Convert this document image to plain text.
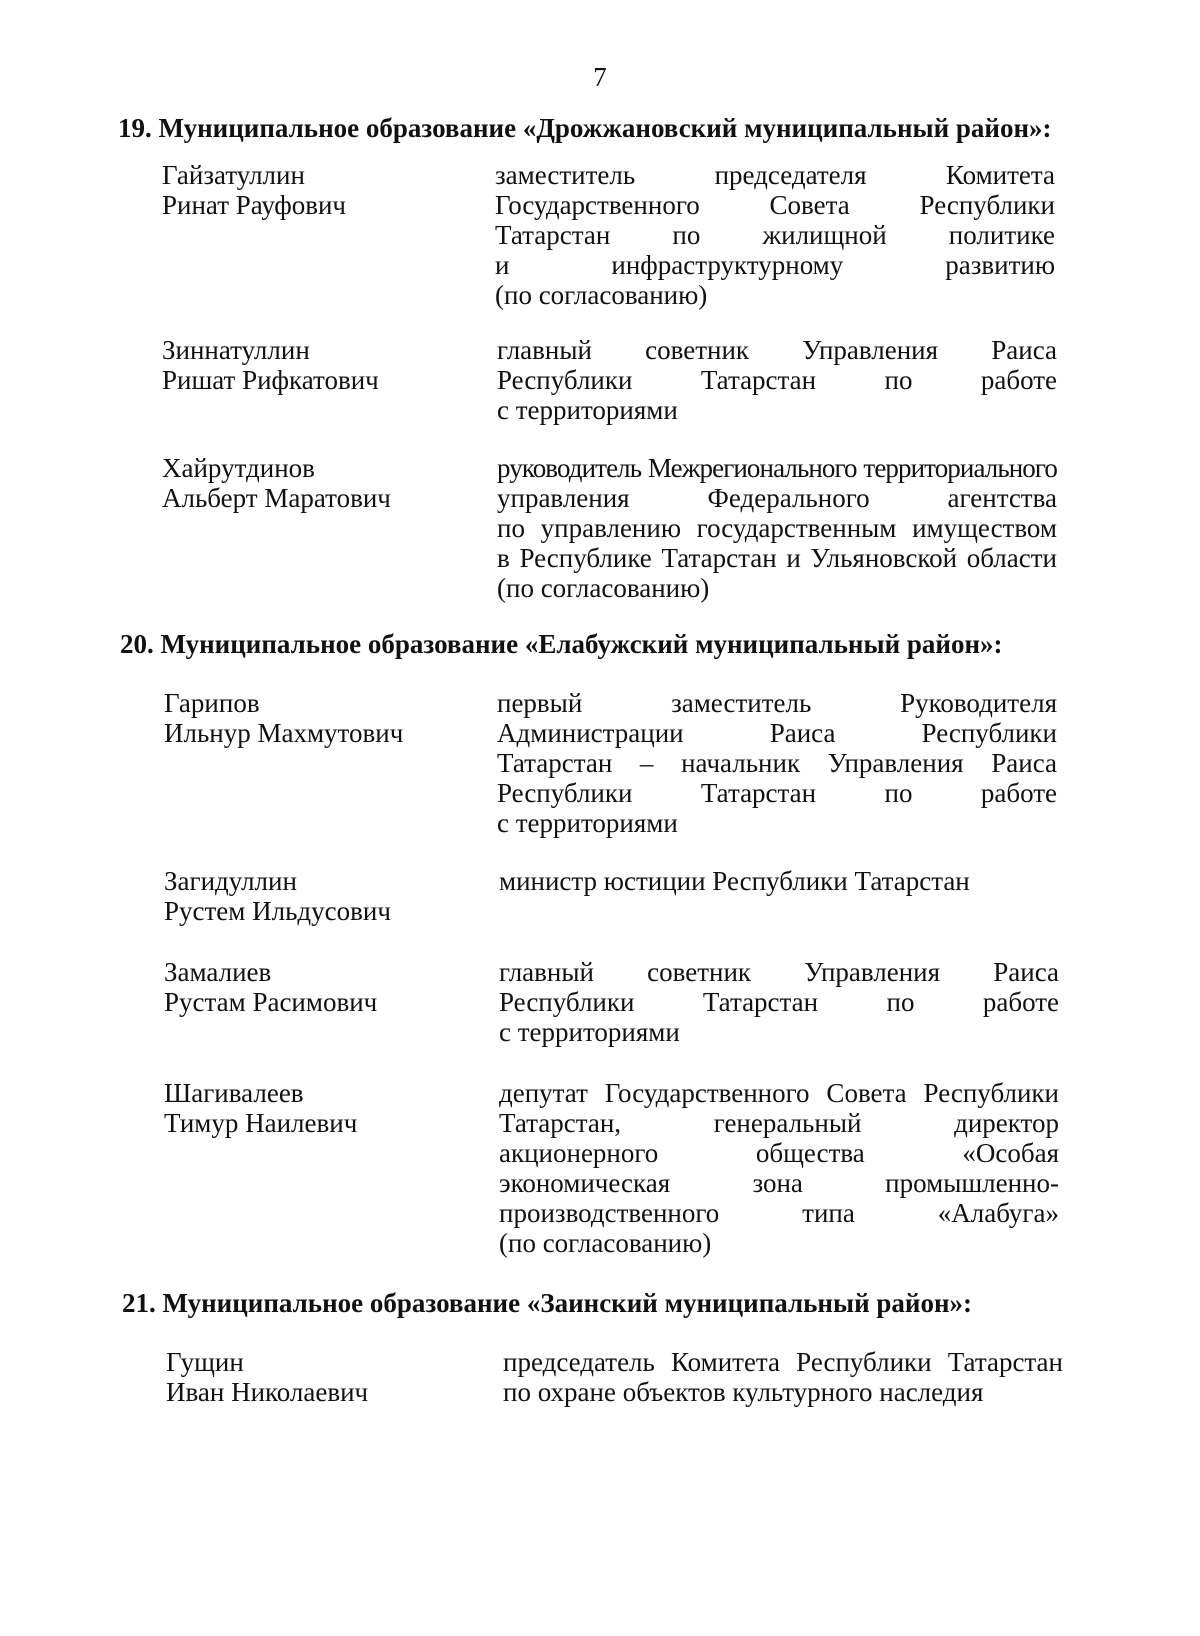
7
19. Муниципальное образование «Дрожжановский муниципальный район»:
Гайзатуллин
Ринат Рауфович
заместитель председателя Комитета
Государственного Совета Республики
Татарстан по жилищной политике
и инфраструктурному развитию
(по согласованию)
Зиннатуллин
Ришат Рифкатович
главный советник Управления Раиса
Республики Татарстан по работе
с территориями
Хайрутдинов
Альберт Маратович
руководитель Межрегионального территориального
управления Федерального агентства
по управлению государственным имуществом
в Республике Татарстан и Ульяновской области
(по согласованию)
20. Муниципальное образование «Елабужский муниципальный район»:
Гарипов
Ильнур Махмутович
первый заместитель Руководителя
Администрации Раиса Республики
Татарстан – начальник Управления Раиса
Республики Татарстан по работе
с территориями
Загидуллин
Рустем Ильдусович
министр юстиции Республики Татарстан
Замалиев
Рустам Расимович
главный советник Управления Раиса
Республики Татарстан по работе
с территориями
Шагивалеев
Тимур Наилевич
депутат Государственного Совета Республики
Татарстан, генеральный директор
акционерного общества «Особая
экономическая зона промышленно-
производственного типа «Алабуга»
(по согласованию)
21. Муниципальное образование «Заинский муниципальный район»:
Гущин
Иван Николаевич
председатель Комитета Республики Татарстан
по охране объектов культурного наследия
